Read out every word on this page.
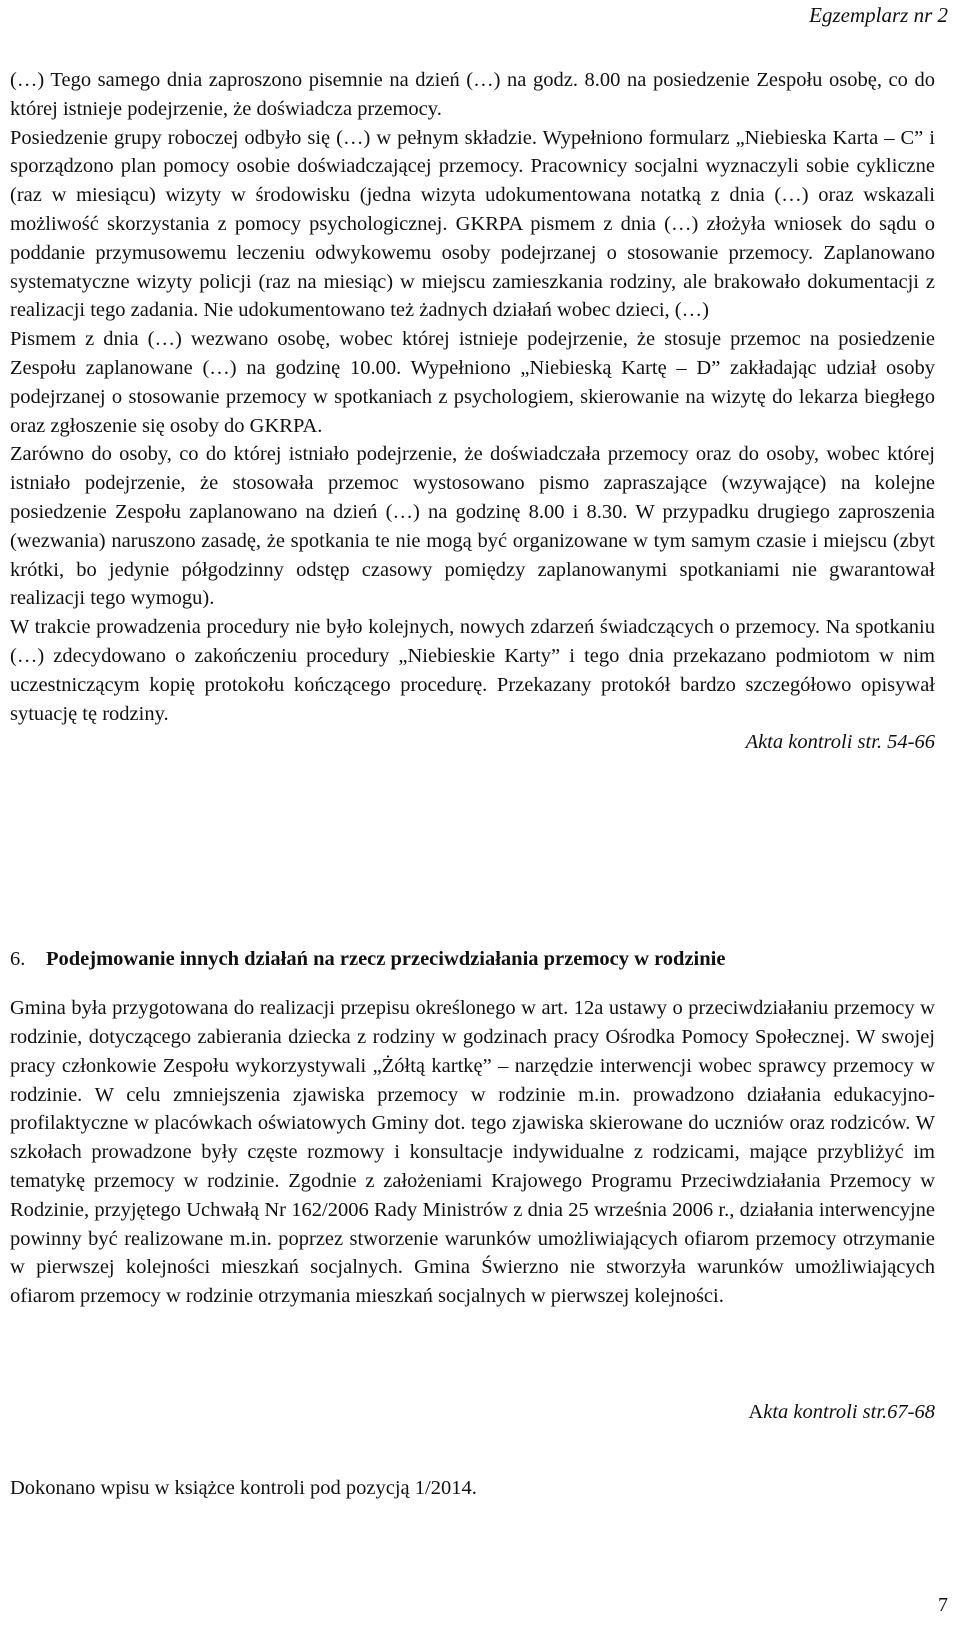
Egzemplarz nr 2

(…) Tego samego dnia zaproszono pisemnie na dzień (…) na godz. 8.00 na posiedzenie Zespołu osobę, co do której istnieje podejrzenie, że doświadcza przemocy.

Posiedzenie grupy roboczej odbyło się (…) w pełnym składzie. Wypełniono formularz „Niebieska Karta – C” i sporządzono plan pomocy osobie doświadczającej przemocy. Pracownicy socjalni wyznaczyli sobie cykliczne (raz w miesiącu) wizyty w środowisku (jedna wizyta udokumentowana notatką z dnia (…) oraz wskazali możliwość skorzystania z pomocy psychologicznej. GKRPA pismem z dnia (…) złożyła wniosek do sądu o poddanie przymusowemu leczeniu odwykowemu osoby podejrzanej o stosowanie przemocy. Zaplanowano systematyczne wizyty policji (raz na miesiąc) w miejscu zamieszkania rodziny, ale brakowało dokumentacji z realizacji tego zadania. Nie udokumentowano też żadnych działań wobec dzieci, (…)

Pismem z dnia (…) wezwano osobę, wobec której istnieje podejrzenie, że stosuje przemoc na posiedzenie Zespołu zaplanowane (…) na godzinę 10.00. Wypełniono „Niebieską Kartę – D” zakładając udział osoby podejrzanej o stosowanie przemocy w spotkaniach z psychologiem, skierowanie na wizytę do lekarza biegłego oraz zgłoszenie się osoby do GKRPA.

Zarówno do osoby, co do której istniało podejrzenie, że doświadczała przemocy oraz do osoby, wobec której istniało podejrzenie, że stosowała przemoc wystosowano pismo zapraszające (wzywające) na kolejne posiedzenie Zespołu zaplanowano na dzień (…) na godzinę 8.00 i 8.30. W przypadku drugiego zaproszenia (wezwania) naruszono zasadę, że spotkania te nie mogą być organizowane w tym samym czasie i miejscu (zbyt krótki, bo jedynie półgodzinny odstęp czasowy pomiędzy zaplanowanymi spotkaniami nie gwarantował realizacji tego wymogu).

W trakcie prowadzenia procedury nie było kolejnych, nowych zdarzeń świadczących o przemocy. Na spotkaniu (…) zdecydowano o zakończeniu procedury „Niebieskie Karty” i tego dnia przekazano podmiotom w nim uczestniczącym kopię protokołu kończącego procedurę. Przekazany protokół bardzo szczegółowo opisywał sytuację tę rodziny.

Akta kontroli str. 54-66

6. Podejmowanie innych działań na rzecz przeciwdziałania przemocy w rodzinie

Gmina była przygotowana do realizacji przepisu określonego w art. 12a ustawy o przeciwdziałaniu przemocy w rodzinie, dotyczącego zabierania dziecka z rodziny w godzinach pracy Ośrodka Pomocy Społecznej. W swojej pracy członkowie Zespołu wykorzystywali „Żółtą kartkę” – narzędzie interwencji wobec sprawcy przemocy w rodzinie. W celu zmniejszenia zjawiska przemocy w rodzinie m.in. prowadzono działania edukacyjno-profilaktyczne w placówkach oświatowych Gminy dot. tego zjawiska skierowane do uczniów oraz rodziców. W szkołach prowadzone były częste rozmowy i konsultacje indywidualne z rodzicami, mające przybliżyć im tematykę przemocy w rodzinie. Zgodnie z założeniami Krajowego Programu Przeciwdziałania Przemocy w Rodzinie, przyjętego Uchwałą Nr 162/2006 Rady Ministrów z dnia 25 września 2006 r., działania interwencyjne powinny być realizowane m.in. poprzez stworzenie warunków umożliwiających ofiarom przemocy otrzymanie w pierwszej kolejności mieszkań socjalnych. Gmina Świerzno nie stworzyła warunków umożliwiających ofiarom przemocy w rodzinie otrzymania mieszkań socjalnych w pierwszej kolejności.

Akta kontroli str.67-68
Dokonano wpisu w książce kontroli pod pozycją 1/2014.
7
